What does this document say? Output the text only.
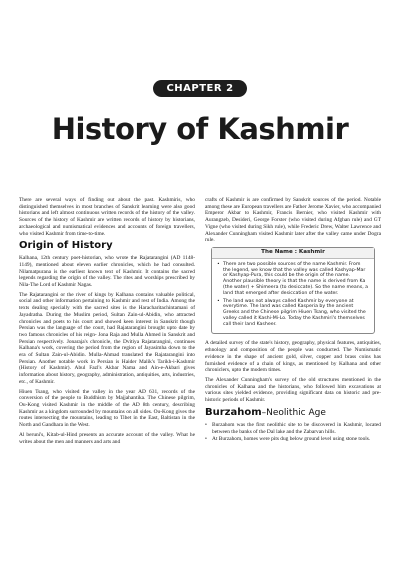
CHAPTER 2
History of Kashmir

There are several ways of finding out about the past. Kashmiris, who distinguished themselves in most branches of Sanskrit learning were also good historians and left almost continuous written records of the history of the valley. Sources of the history of Kashmir are written records of history by historians, archaeological and numismatical evidences and accounts of foreign travellers, who visited Kashmir from time-to-time.

Origin of History

Kalhana, 12th century poet-historian, who wrote the Rajatarangini (AD 1148-1149), mentioned about eleven earlier chronicles, which he had consulted. Nilamatpurana is the earliest known text of Kashmir. It contains the sacred legends regarding the origin of the valley. The rites and worships prescribed by Nila-The Lord of Kashmir Nagas.

The Rajatarangini or the river of kings by Kalhana contains valuable political, social and other information pertaining to Kashmir and rest of India. Among the texts dealing specially with the sacred sites is the Haracharitachintamani of Jayadratha. During the Muslim period, Sultan Zain-ul-Abidin, who attracted chronicles and poets to his court and showed keen interest in Sanskrit though Persian was the language of the court, had Rajatarangini brought upto date by two famous chronicles of his reign- Jona Raja and Mulla Ahmed in Sanskrit and Persian respectively. Jonaraja's chronicle, the Dvitiya Rajatarangini, continues Kalhana's work, covering the period from the region of Jayasimha down to the era of Sultan Zain-ul-Abidin. Mulla-Ahmad translated the Rajatarangini into Persian. Another notable work in Persian is Haider Malik's Tarikh-i-Kashmir (History of Kashmir). Abul Fazl's Akbar Nama and Ain-e-Akbari gives information about history, geography, administration, antiquities, arts, industries, etc., of Kashmir.

Hiuen Tsang, who visited the valley in the year AD 631, records of the conversion of the people to Buddhism by Majjahantika. The Chinese pilgrim, Ou-Kong visited Kashmir in the middle of the AD 8th century, describing Kashmir as a kingdom surrounded by mountains on all sides. Ou-Kong gives the routes intersecting the mountains, leading to Tibet in the East, Baltistan in the North and Gandhara in the West.

Al beruni's, Kitab-ul-Hind presents an accurate account of the valley. What he writes about the men and manners and arts and

crafts of Kashmir is are confirmed by Sanskrit sources of the period. Notable among these are European travellers are Father Jerome Xavier, who accompanied Emperor Akbar to Kashmir, Francis Bernier, who visited Kashmir with Aurangzeb, Desideri, George Forster (who visited during Afghan rule) and GT Vigne (who visited during Sikh rule), while Frederic Drew, Walter Lawrence and Alexander Cunningham visited Kashmir later after the valley came under Dogra rule.

The Name : Kashmir
• There are two possible sources of the name Kashmir. From the legend, we know that the valley was called Kashyap-Mar or Kashyap-Pura, this could be the origin of the name. Another plausible theory is that the name is derived from Ka (the water) + Shimeera (to desiccate). So the name means, a land that emerged after desiccation of the water.
• The land was not always called Kashmir by everyone at everytime. The land was called Kasperia by the ancient Greeks and the Chinese pilgrim Hiuen Tsang, who visited the valley called it Kashi-Mi-Lo. Today the Kashmiri's themselves call their land Kasheer.

A detailed survey of the state's history, geography, physical features, antiquities, ethnology and composition of the people was conducted. The Numismatic evidence in the shape of ancient gold, silver, copper and brass coins has furnished evidence of a chain of kings, as mentioned by Kalhana and other chroniclers, upto the modern times.

The Alexander Cunningham's survey of the old structures mentioned in the chronicles of Kalhana and the historians, who followed him excavations at various sites yielded evidence, providing significant data on historic and pre-historic periods of Kashmir.

Burzahom–Neolithic Age
• Burzahom was the first neolithic site to be discovered in Kashmir, located between the banks of the Dal lake and the Zabarvan hills.
• At Burzahom, homes were pits dug below ground level using stone tools.
